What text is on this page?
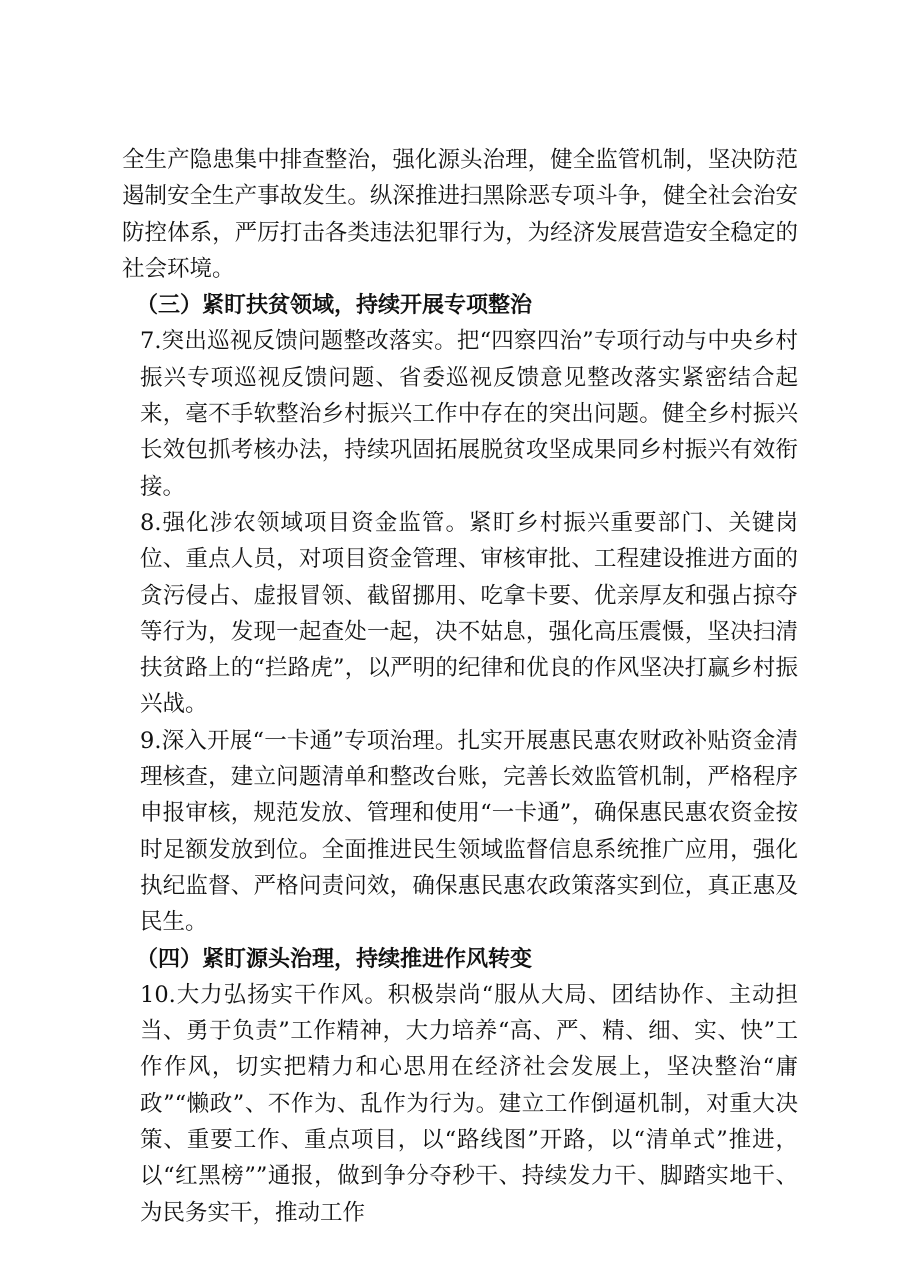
全生产隐患集中排查整治，强化源头治理，健全监管机制，坚决防范遏制安全生产事故发生。纵深推进扫黑除恶专项斗争，健全社会治安防控体系，严厉打击各类违法犯罪行为，为经济发展营造安全稳定的社会环境。

（三）紧盯扶贫领域，持续开展专项整治

7.突出巡视反馈问题整改落实。把“四察四治”专项行动与中央乡村振兴专项巡视反馈问题、省委巡视反馈意见整改落实紧密结合起来，毫不手软整治乡村振兴工作中存在的突出问题。健全乡村振兴长效包抓考核办法，持续巩固拓展脱贫攻坚成果同乡村振兴有效衔接。

8.强化涉农领域项目资金监管。紧盯乡村振兴重要部门、关键岗位、重点人员，对项目资金管理、审核审批、工程建设推进方面的贪污侵占、虚报冒领、截留挪用、吃拿卡要、优亲厚友和强占掠夺等行为，发现一起查处一起，决不姑息，强化高压震慑，坚决扫清扶贫路上的“拦路虎”，以严明的纪律和优良的作风坚决打赢乡村振兴战。

9.深入开展“一卡通”专项治理。扎实开展惠民惠农财政补贴资金清理核查，建立问题清单和整改台账，完善长效监管机制，严格程序申报审核，规范发放、管理和使用“一卡通”，确保惠民惠农资金按时足额发放到位。全面推进民生领域监督信息系统推广应用，强化执纪监督、严格问责问效，确保惠民惠农政策落实到位，真正惠及民生。

（四）紧盯源头治理，持续推进作风转变

10.大力弘扬实干作风。积极崇尚“服从大局、团结协作、主动担当、勇于负责”工作精神，大力培养“高、严、精、细、实、快”工作作风，切实把精力和心思用在经济社会发展上，坚决整治“庸政”“懒政”、不作为、乱作为行为。建立工作倒逼机制，对重大决策、重要工作、重点项目，以“路线图”开路，以“清单式”推进，以“红黑榜””通报，做到争分夺秒干、持续发力干、脚踏实地干、为民务实干，推动工作
